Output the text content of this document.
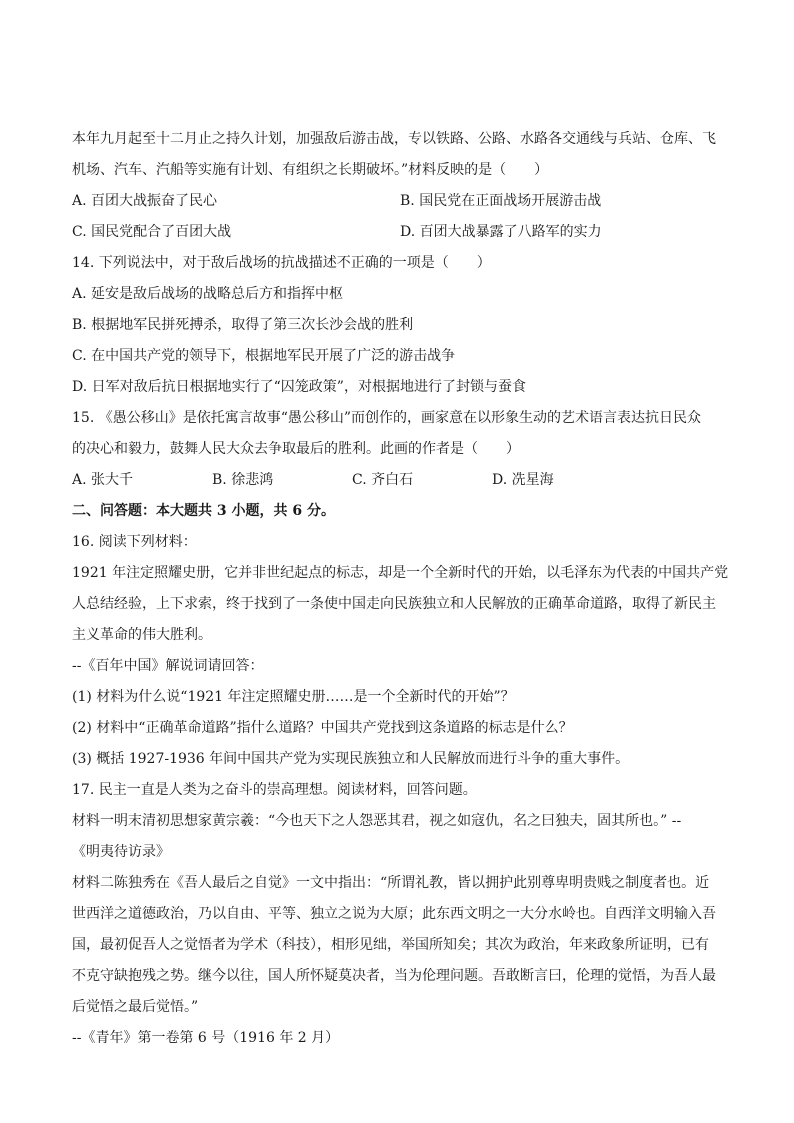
本年九月起至十二月止之持久计划，加强敌后游击战，专以铁路、公路、水路各交通线与兵站、仓库、飞
机场、汽车、汽船等实施有计划、有组织之长期破坏。”材料反映的是（　　）
A. 百团大战振奋了民心	B. 国民党在正面战场开展游击战
C. 国民党配合了百团大战	D. 百团大战暴露了八路军的实力
14. 下列说法中，对于敌后战场的抗战描述不正确的一项是（　　）
A. 延安是敌后战场的战略总后方和指挥中枢
B. 根据地军民拼死搏杀，取得了第三次长沙会战的胜利
C. 在中国共产党的领导下，根据地军民开展了广泛的游击战争
D. 日军对敌后抗日根据地实行了“囚笼政策”，对根据地进行了封锁与蚕食
15. 《愚公移山》是依托寓言故事“愚公移山”而创作的，画家意在以形象生动的艺术语言表达抗日民众
的决心和毅力，鼓舞人民大众去争取最后的胜利。此画的作者是（　　）
A. 张大千	B. 徐悲鸿	C. 齐白石	D. 冼星海
二、问答题：本大题共 3 小题，共 6 分。
16. 阅读下列材料：
1921 年注定照耀史册，它并非世纪起点的标志，却是一个全新时代的开始，以毛泽东为代表的中国共产党
人总结经验，上下求索，终于找到了一条使中国走向民族独立和人民解放的正确革命道路，取得了新民主
主义革命的伟大胜利。
--《百年中国》解说词请回答：
(1) 材料为什么说“1921 年注定照耀史册……是一个全新时代的开始”？
(2) 材料中“正确革命道路”指什么道路？中国共产党找到这条道路的标志是什么？
(3) 概括 1927-1936 年间中国共产党为实现民族独立和人民解放而进行斗争的重大事件。
17. 民主一直是人类为之奋斗的崇高理想。阅读材料，回答问题。
材料一明末清初思想家黄宗羲：“今也天下之人怨恶其君，视之如寇仇，名之曰独夫，固其所也。” --
《明夷待访录》
材料二陈独秀在《吾人最后之自觉》一文中指出：“所谓礼教，皆以拥护此别尊卑明贵贱之制度者也。近
世西洋之道德政治，乃以自由、平等、独立之说为大原；此东西文明之一大分水岭也。自西洋文明输入吾
国，最初促吾人之觉悟者为学术（科技），相形见绌，举国所知矣；其次为政治，年来政象所证明，已有
不克守缺抱残之势。继今以往，国人所怀疑莫决者，当为伦理问题。吾敢断言曰，伦理的觉悟，为吾人最
后觉悟之最后觉悟。”
--《青年》第一卷第 6 号（1916 年 2 月）
